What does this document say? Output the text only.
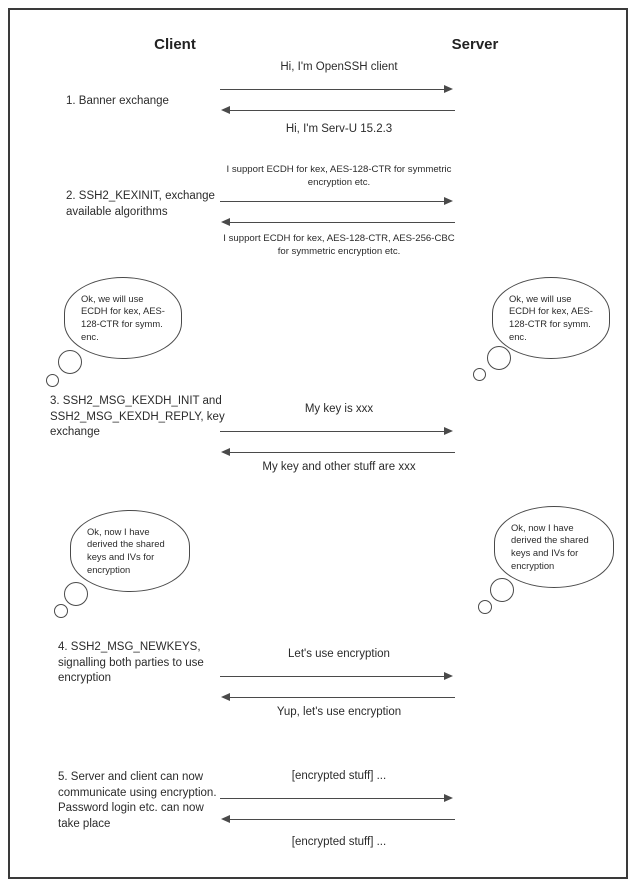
Client	Server
1. Banner exchange
Hi, I'm OpenSSH client
Hi, I'm Serv-U 15.2.3
2. SSH2_KEXINIT, exchange available algorithms
I support ECDH for kex, AES-128-CTR for symmetric encryption etc.
I support ECDH for kex, AES-128-CTR, AES-256-CBC for symmetric encryption etc.
Ok, we will use ECDH for kex, AES-128-CTR for symm. enc.
Ok, we will use ECDH for kex, AES-128-CTR for symm. enc.
3. SSH2_MSG_KEXDH_INIT and SSH2_MSG_KEXDH_REPLY, key exchange
My key is xxx
My key and other stuff are xxx
Ok, now I have derived the shared keys and IVs for encryption
Ok, now I have derived the shared keys and IVs for encryption
4. SSH2_MSG_NEWKEYS, signalling both parties to use encryption
Let's use encryption
Yup, let's use encryption
5. Server and client can now communicate using encryption. Password login etc. can now take place
[encrypted stuff] ...
[encrypted stuff] ...
